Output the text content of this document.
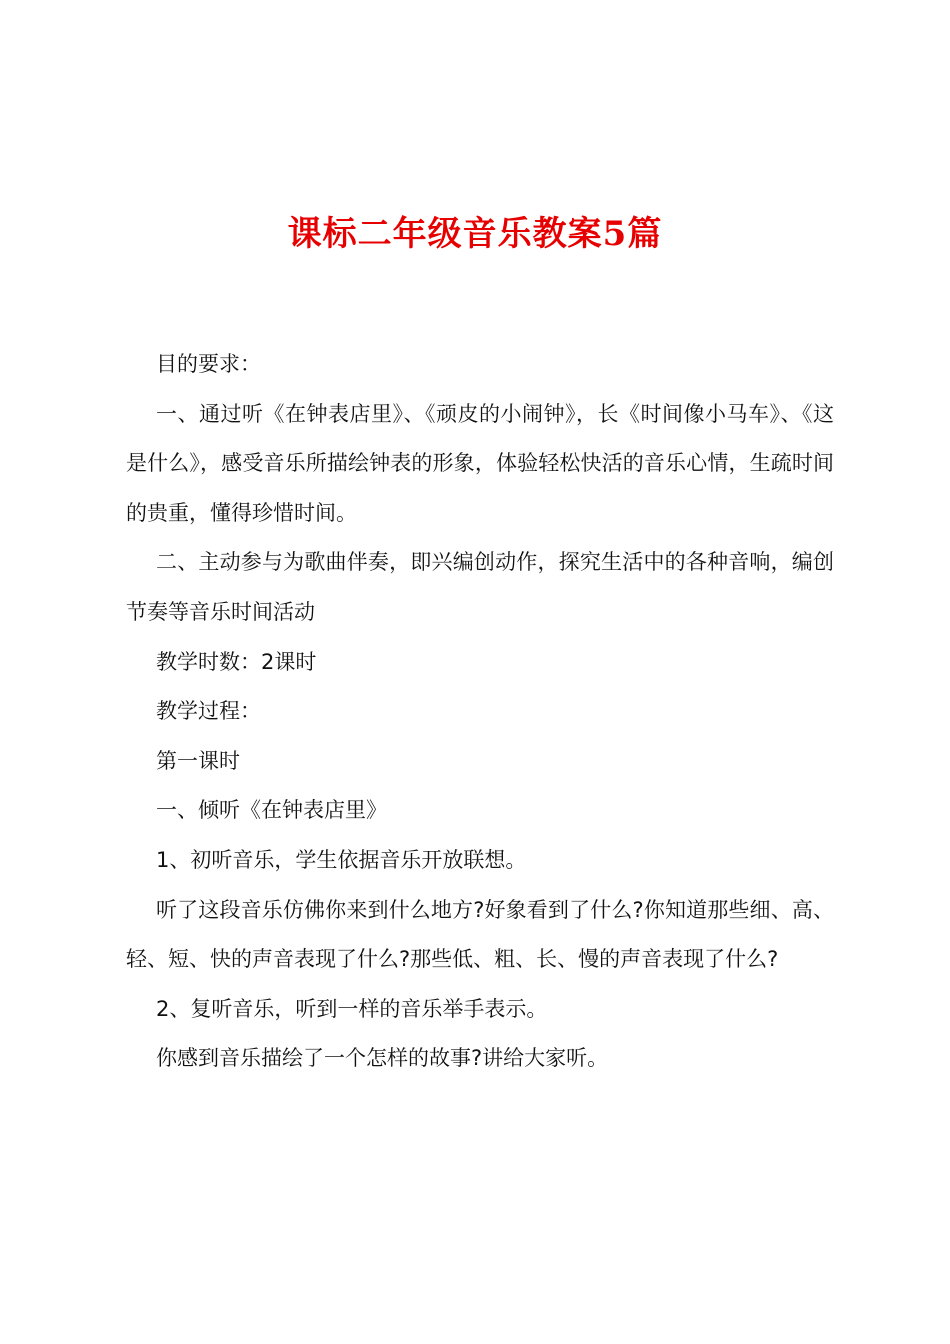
课标二年级音乐教案5篇

目的要求：

一、通过听《在钟表店里》、《顽皮的小闹钟》，长《时间像小马车》、《这是什么》，感受音乐所描绘钟表的形象，体验轻松快活的音乐心情，生疏时间的贵重，懂得珍惜时间。

二、主动参与为歌曲伴奏，即兴编创动作，探究生活中的各种音响，编创节奏等音乐时间活动

教学时数：2课时

教学过程：

第一课时

一、倾听《在钟表店里》

1、初听音乐，学生依据音乐开放联想。

听了这段音乐仿佛你来到什么地方?好象看到了什么?你知道那些细、高、轻、短、快的声音表现了什么?那些低、粗、长、慢的声音表现了什么?

2、复听音乐，听到一样的音乐举手表示。

你感到音乐描绘了一个怎样的故事?讲给大家听。
